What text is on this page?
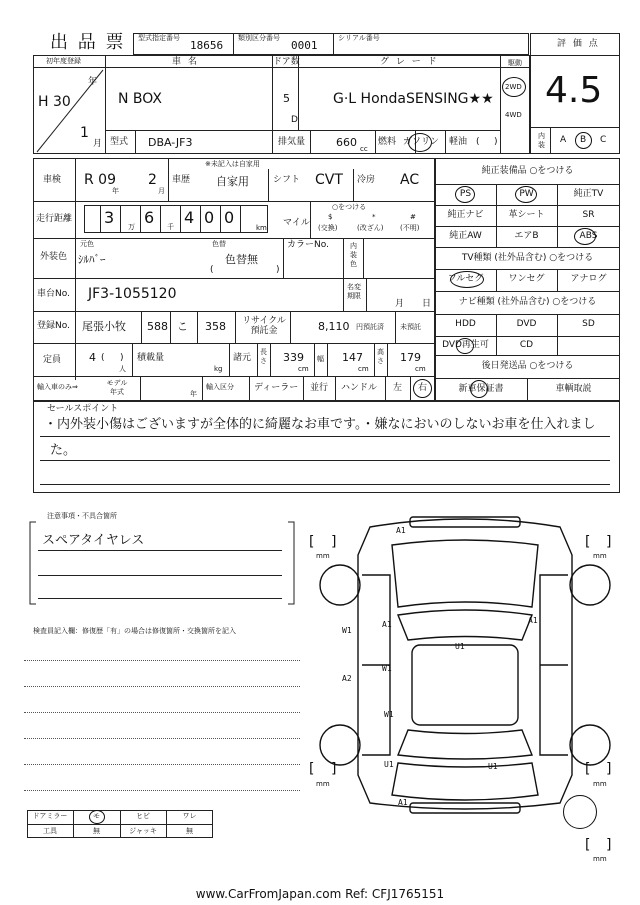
出 品 票 型式指定番号
18656
類別区分番号
0001
シリアル番号
評 価 点
4.5
内装 A B C
初年度登録
年
H 30
1
月
車 名
N BOX
型式 DBA-JF3
ドア数
5
D
グ レ ー ド
G·L HondaSENSING★★
排気量	660 cc
燃料 ガソリン 軽油 ( )
駆動
2WD
4WD
車検 R 09
年
2
月
※未記入は自家用
車歴 自家用	シフト CVT 冷房 AC
走行距離 3 万 6 千 4 0 0
km マイル
○をつける
$
(交換)
*
(改ざん)
#
(不明)
外装色
元色
ｼﾙﾊﾞｰ
色替
色替無
(	)
カラーNo.	内装色
車台No. JF3-1055120	名変期限
月 日
登録No. 尾張小牧 588 こ 358 リサイクル預託金	8,110 円預託済 未預託
定員	4 ( )
人
積載量
kg
諸元
長さ 339
cm
幅 147
cm
高さ 179
cm
輸入車のみ⇒	モデル年式	年
輸入区分 ディーラー 並行 ハンドル 左 右
純正装備品 ○をつける
PS	PW	純正TV
純正ナビ	革シート	SR
純正AW	エアB	ABS
TV種類 (社外品含む) ○をつける
フルセグ	ワンセグ	アナログ
ナビ種類 (社外品含む) ○をつける
HDD	DVD	SD
DVD再生可	CD
後日発送品 ○をつける
新車保証書	車輌取説
セールスポイント
・内外装小傷はございますが全体的に綺麗なお車です。・嫌なにおいのしないお車を仕入れまし
た。
注意事項・不具合箇所
スペアタイヤレス
検査員記入欄：修復歴「有」の場合は修復箇所・交換箇所を記入
ドアミラー	モ	ヒビ	ワレ
工具	無	ジャッキ	無
A1
W1
A1	A1
U1
W1
A2
W1
U1	U1
A1
[ ]
mm
[ ]
mm
[ ]
mm
[ ]
mm
[ ]
mm
www.CarFromJapan.com Ref: CFJ1765151
